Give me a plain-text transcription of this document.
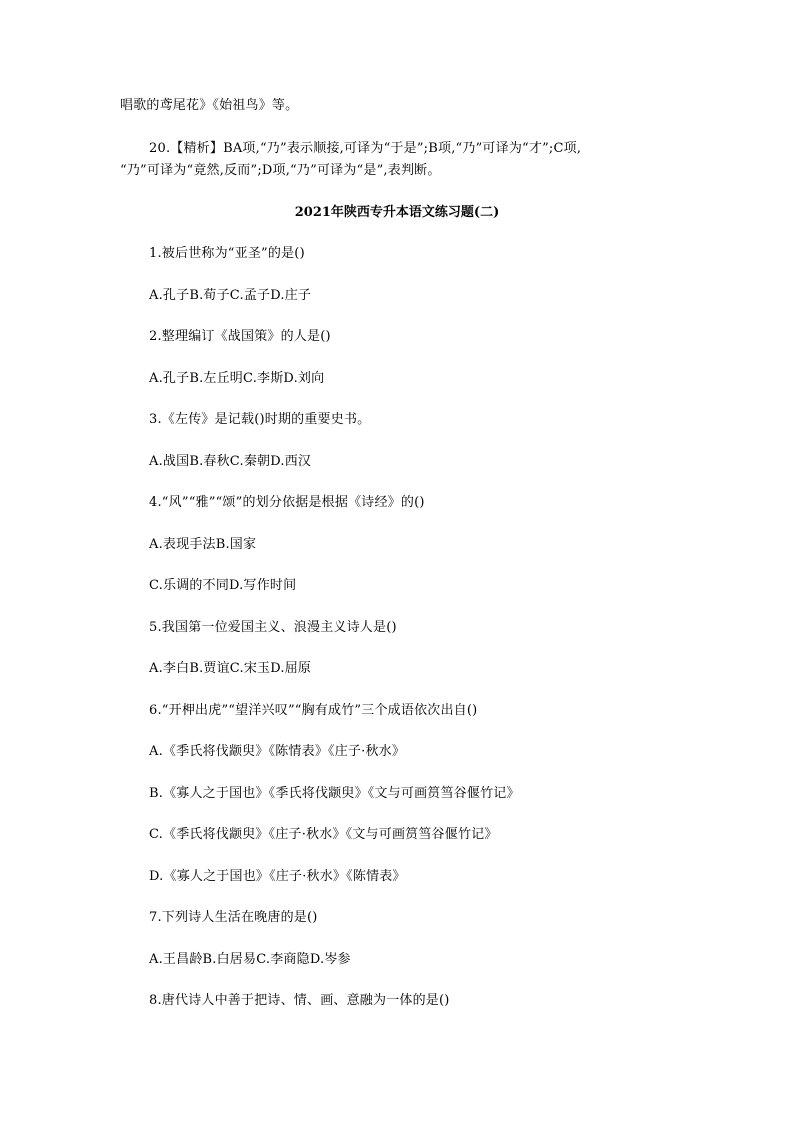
唱歌的鸢尾花》《始祖鸟》等。
20.【精析】BA项,“乃”表示顺接,可译为“于是”;B项,“乃”可译为“才”;C项,
“乃”可译为“竟然,反而”;D项,“乃”可译为“是”,表判断。
2021年陕西专升本语文练习题(二)
1.被后世称为“亚圣”的是()
A.孔子B.荀子C.孟子D.庄子
2.整理编订《战国策》的人是()
A.孔子B.左丘明C.李斯D.刘向
3.《左传》是记载()时期的重要史书。
A.战国B.春秋C.秦朝D.西汉
4.“风”“雅”“颂”的划分依据是根据《诗经》的()
A.表现手法B.国家
C.乐调的不同D.写作时间
5.我国第一位爱国主义、浪漫主义诗人是()
A.李白B.贾谊C.宋玉D.屈原
6.“开柙出虎”“望洋兴叹”“胸有成竹”三个成语依次出自()
A.《季氏将伐颛臾》《陈情表》《庄子·秋水》
B.《寡人之于国也》《季氏将伐颛臾》《文与可画筼筜谷偃竹记》
C.《季氏将伐颛臾》《庄子·秋水》《文与可画筼筜谷偃竹记》
D.《寡人之于国也》《庄子·秋水》《陈情表》
7.下列诗人生活在晚唐的是()
A.王昌龄B.白居易C.李商隐D.岑参
8.唐代诗人中善于把诗、情、画、意融为一体的是()
